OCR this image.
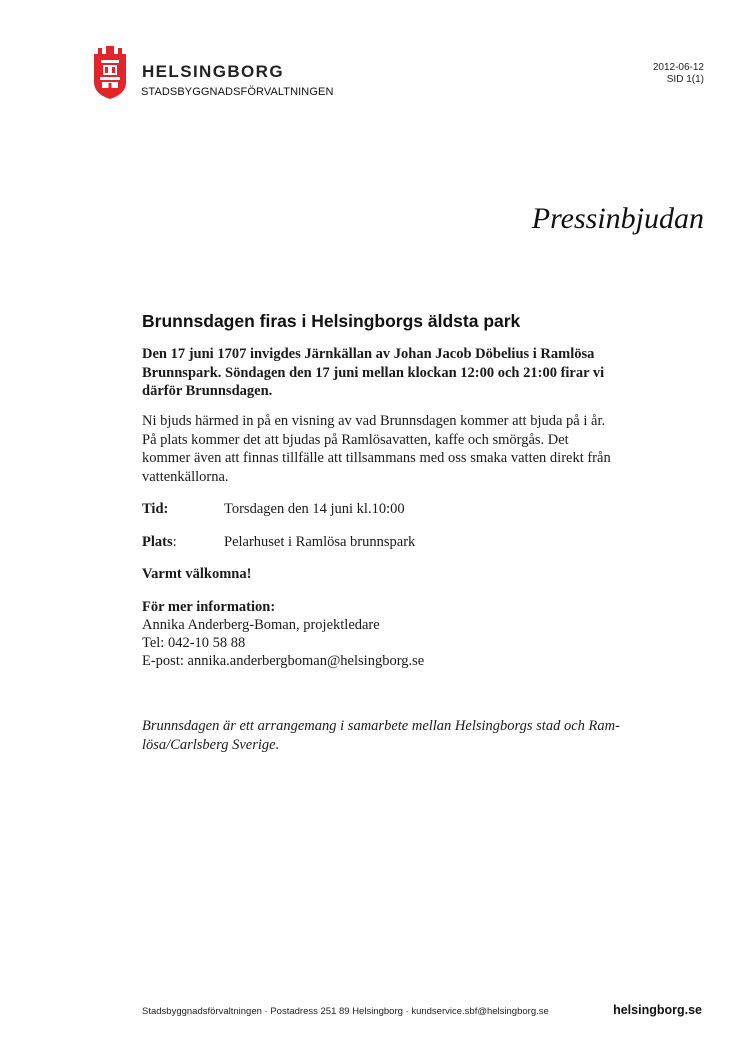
HELSINGBORG
STADSBYGGNADSFÖRVALTNINGEN
2012-06-12
SID 1(1)
Pressinbjudan
Brunnsdagen firas i Helsingborgs äldsta park
Den 17 juni 1707 invigdes Järnkällan av Johan Jacob Döbelius i Ramlösa Brunnspark. Söndagen den 17 juni mellan klockan 12:00 och 21:00 firar vi därför Brunnsdagen.
Ni bjuds härmed in på en visning av vad Brunnsdagen kommer att bjuda på i år. På plats kommer det att bjudas på Ramlösavatten, kaffe och smörgås. Det kommer även att finnas tillfälle att tillsammans med oss smaka vatten direkt från vattenkällorna.
Tid:	Torsdagen den 14 juni kl.10:00
Plats:	Pelarhuset i Ramlösa brunnspark
Varmt välkomna!
För mer information:
Annika Anderberg-Boman, projektledare
Tel: 042-10 58 88
E-post: annika.anderbergboman@helsingborg.se
Brunnsdagen är ett arrangemang i samarbete mellan Helsingborgs stad och Ram-
lösa/Carlsberg Sverige.
Stadsbyggnadsförvaltningen · Postadress 251 89 Helsingborg · kundservice.sbf@helsingborg.se	helsingborg.se
